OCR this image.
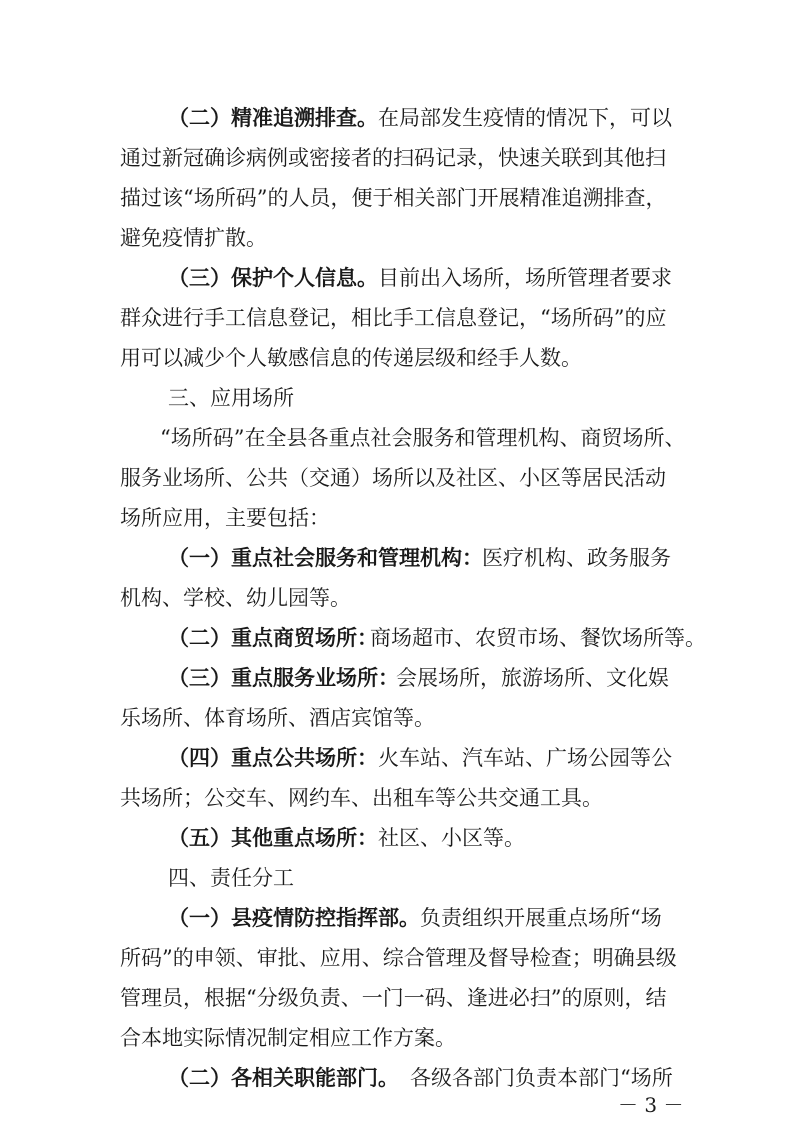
（二）精准追溯排查。 在局部发生疫情的情况下，可以
通过新冠确诊病例或密接者的扫码记录，快速关联到其他扫
描过该“场所码”的人员，便于相关部门开展精准追溯排查，
避免疫情扩散。
（三）保护个人信息。 目前出入场所，场所管理者要求
群众进行手工信息登记，相比手工信息登记，“场所码”的应
用可以减少个人敏感信息的传递层级和经手人数。
三、应用场所
“场所码”在全县各重点社会服务和管理机构、商贸场所、
服务业场所、公共（交通）场所以及社区、小区等居民活动
场所应用，主要包括：
（一）重点社会服务和管理机构： 医疗机构、政务服务
机构、学校、幼儿园等。
（二）重点商贸场所：
商场超市、农贸市场、餐饮场所等。
（三）重点服务业场所：
会展场所，旅游场所、文化娱
乐场所、体育场所、酒店宾馆等。
（四）重点公共场所： 火车站、汽车站、广场公园等公
共场所；公交车、网约车、出租车等公共交通工具。
（五）其他重点场所： 社区、小区等。
四、责任分工
（一）县疫情防控指挥部。 负责组织开展重点场所“场
所码”的申领、审批、应用、综合管理及督导检查；明确县级
管理员，根据“分级负责、一门一码、逢进必扫”的原则，结
合本地实际情况制定相应工作方案。
（二）各相关职能部门。 各级各部门负责本部门“场所
－ 3 －
